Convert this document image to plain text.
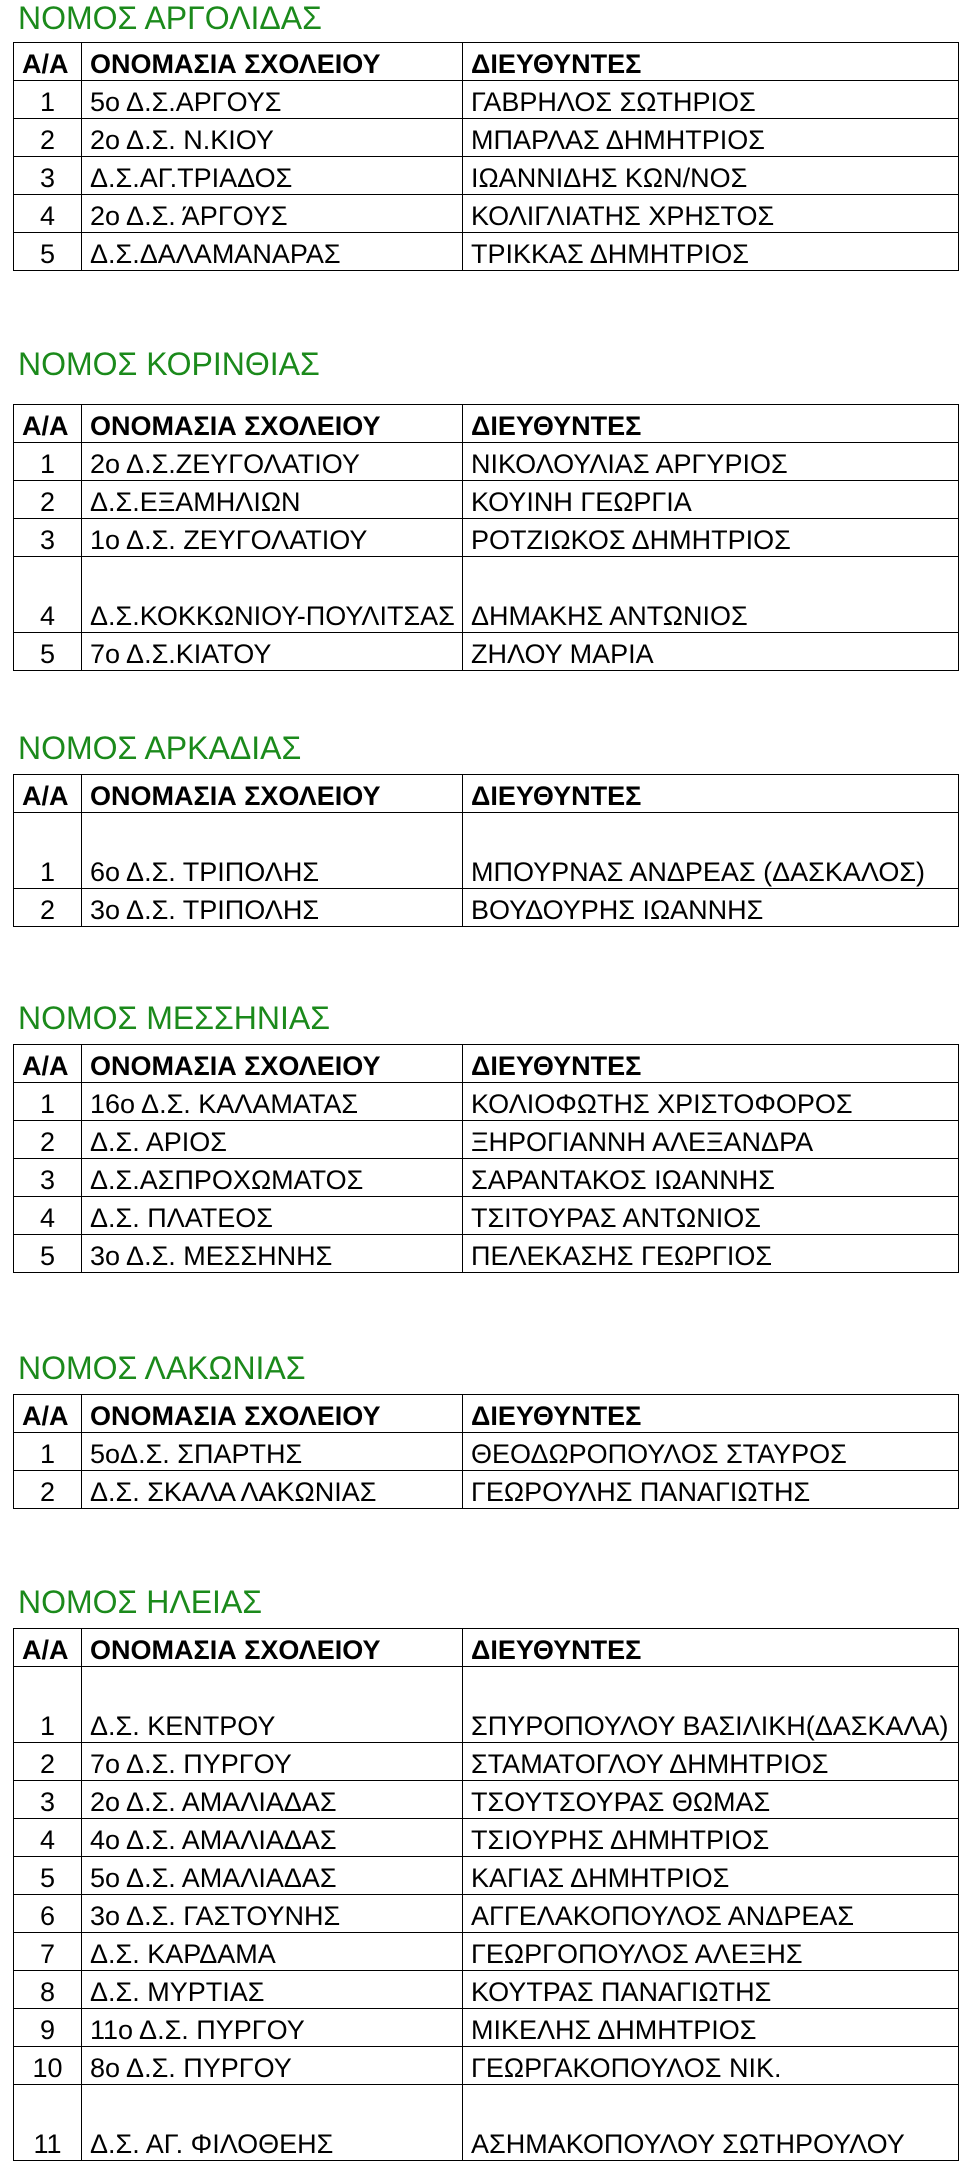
ΝΟΜΟΣ ΑΡΓΟΛΙΔΑΣ
Α/Α	ΟΝΟΜΑΣΙΑ ΣΧΟΛΕΙΟΥ	ΔΙΕΥΘΥΝΤΕΣ
1	5ο Δ.Σ.ΑΡΓΟΥΣ	ΓΑΒΡΗΛΟΣ ΣΩΤΗΡΙΟΣ
2	2ο Δ.Σ. Ν.ΚΙΟΥ	ΜΠΑΡΛΑΣ ΔΗΜΗΤΡΙΟΣ
3	Δ.Σ.ΑΓ.ΤΡΙΑΔΟΣ	ΙΩΑΝΝΙΔΗΣ ΚΩΝ/ΝΟΣ
4	2ο Δ.Σ. ΆΡΓΟΥΣ	ΚΟΛΙΓΛΙΑΤΗΣ ΧΡΗΣΤΟΣ
5	Δ.Σ.ΔΑΛΑΜΑΝΑΡΑΣ	ΤΡΙΚΚΑΣ ΔΗΜΗΤΡΙΟΣ
ΝΟΜΟΣ ΚΟΡΙΝΘΙΑΣ
Α/Α	ΟΝΟΜΑΣΙΑ ΣΧΟΛΕΙΟΥ	ΔΙΕΥΘΥΝΤΕΣ
1	2ο Δ.Σ.ΖΕΥΓΟΛΑΤΙΟΥ	ΝΙΚΟΛΟΥΛΙΑΣ ΑΡΓΥΡΙΟΣ
2	Δ.Σ.ΕΞΑΜΗΛΙΩΝ	ΚΟΥΙΝΗ ΓΕΩΡΓΙΑ
3	1ο Δ.Σ. ΖΕΥΓΟΛΑΤΙΟΥ	ΡΟΤΖΙΩΚΟΣ ΔΗΜΗΤΡΙΟΣ
4	Δ.Σ.ΚΟΚΚΩΝΙΟΥ-ΠΟΥΛΙΤΣΑΣ	ΔΗΜΑΚΗΣ ΑΝΤΩΝΙΟΣ
5	7ο Δ.Σ.ΚΙΑΤΟΥ	ΖΗΛΟΥ ΜΑΡΙΑ
ΝΟΜΟΣ ΑΡΚΑΔΙΑΣ
Α/Α	ΟΝΟΜΑΣΙΑ ΣΧΟΛΕΙΟΥ	ΔΙΕΥΘΥΝΤΕΣ
1	6ο Δ.Σ. ΤΡΙΠΟΛΗΣ	ΜΠΟΥΡΝΑΣ ΑΝΔΡΕΑΣ (ΔΑΣΚΑΛΟΣ)
2	3ο Δ.Σ. ΤΡΙΠΟΛΗΣ	ΒΟΥΔΟΥΡΗΣ ΙΩΑΝΝΗΣ
ΝΟΜΟΣ ΜΕΣΣΗΝΙΑΣ
Α/Α	ΟΝΟΜΑΣΙΑ ΣΧΟΛΕΙΟΥ	ΔΙΕΥΘΥΝΤΕΣ
1	16ο Δ.Σ. ΚΑΛΑΜΑΤΑΣ	ΚΟΛΙΟΦΩΤΗΣ ΧΡΙΣΤΟΦΟΡΟΣ
2	Δ.Σ. ΑΡΙΟΣ	ΞΗΡΟΓΙΑΝΝΗ ΑΛΕΞΑΝΔΡΑ
3	Δ.Σ.ΑΣΠΡΟΧΩΜΑΤΟΣ	ΣΑΡΑΝΤΑΚΟΣ ΙΩΑΝΝΗΣ
4	Δ.Σ. ΠΛΑΤΕΟΣ	ΤΣΙΤΟΥΡΑΣ ΑΝΤΩΝΙΟΣ
5	3ο Δ.Σ. ΜΕΣΣΗΝΗΣ	ΠΕΛΕΚΑΣΗΣ ΓΕΩΡΓΙΟΣ
ΝΟΜΟΣ ΛΑΚΩΝΙΑΣ
Α/Α	ΟΝΟΜΑΣΙΑ ΣΧΟΛΕΙΟΥ	ΔΙΕΥΘΥΝΤΕΣ
1	5οΔ.Σ. ΣΠΑΡΤΗΣ	ΘΕΟΔΩΡΟΠΟΥΛΟΣ ΣΤΑΥΡΟΣ
2	Δ.Σ. ΣΚΑΛΑ ΛΑΚΩΝΙΑΣ	ΓΕΩΡΟΥΛΗΣ ΠΑΝΑΓΙΩΤΗΣ
ΝΟΜΟΣ ΗΛΕΙΑΣ
Α/Α	ΟΝΟΜΑΣΙΑ ΣΧΟΛΕΙΟΥ	ΔΙΕΥΘΥΝΤΕΣ
1	Δ.Σ. ΚΕΝΤΡΟΥ	ΣΠΥΡΟΠΟΥΛΟΥ ΒΑΣΙΛΙΚΗ(ΔΑΣΚΑΛΑ)
2	7ο Δ.Σ. ΠΥΡΓΟΥ	ΣΤΑΜΑΤΟΓΛΟΥ ΔΗΜΗΤΡΙΟΣ
3	2ο Δ.Σ. ΑΜΑΛΙΑΔΑΣ	ΤΣΟΥΤΣΟΥΡΑΣ ΘΩΜΑΣ
4	4ο Δ.Σ. ΑΜΑΛΙΑΔΑΣ	ΤΣΙΟΥΡΗΣ ΔΗΜΗΤΡΙΟΣ
5	5ο Δ.Σ. ΑΜΑΛΙΑΔΑΣ	ΚΑΓΙΑΣ ΔΗΜΗΤΡΙΟΣ
6	3ο Δ.Σ. ΓΑΣΤΟΥΝΗΣ	ΑΓΓΕΛΑΚΟΠΟΥΛΟΣ ΑΝΔΡΕΑΣ
7	Δ.Σ. ΚΑΡΔΑΜΑ	ΓΕΩΡΓΟΠΟΥΛΟΣ ΑΛΕΞΗΣ
8	Δ.Σ. ΜΥΡΤΙΑΣ	ΚΟΥΤΡΑΣ ΠΑΝΑΓΙΩΤΗΣ
9	11ο Δ.Σ. ΠΥΡΓΟΥ	ΜΙΚΕΛΗΣ ΔΗΜΗΤΡΙΟΣ
10	8ο Δ.Σ. ΠΥΡΓΟΥ	ΓΕΩΡΓΑΚΟΠΟΥΛΟΣ ΝΙΚ.
11	Δ.Σ. ΑΓ. ΦΙΛΟΘΕΗΣ	ΑΣΗΜΑΚΟΠΟΥΛΟΥ ΣΩΤΗΡΟΥΛΟΥ
